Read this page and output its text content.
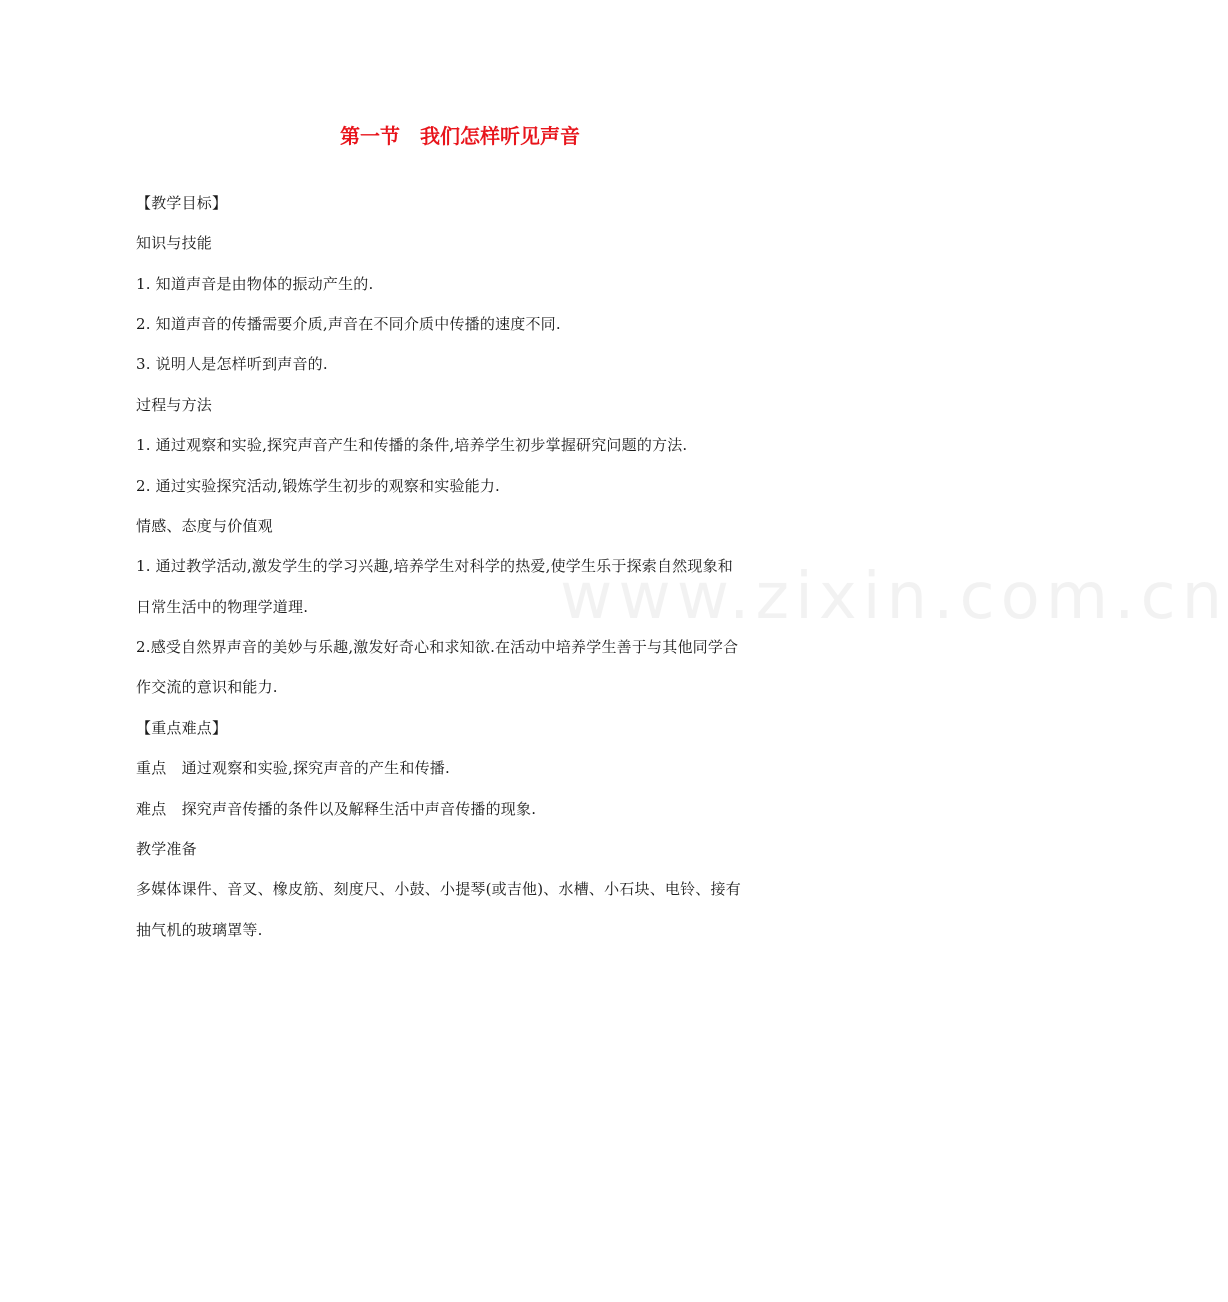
www.zixin.com.cn
第一节　我们怎样听见声音
【教学目标】
知识与技能
1. 知道声音是由物体的振动产生的.
2. 知道声音的传播需要介质,声音在不同介质中传播的速度不同.
3. 说明人是怎样听到声音的.
过程与方法
1. 通过观察和实验,探究声音产生和传播的条件,培养学生初步掌握研究问题的方法.
2. 通过实验探究活动,锻炼学生初步的观察和实验能力.
情感、态度与价值观
1. 通过教学活动,激发学生的学习兴趣,培养学生对科学的热爱,使学生乐于探索自然现象和
日常生活中的物理学道理.
2.感受自然界声音的美妙与乐趣,激发好奇心和求知欲.在活动中培养学生善于与其他同学合
作交流的意识和能力.
【重点难点】
重点　通过观察和实验,探究声音的产生和传播.
难点　探究声音传播的条件以及解释生活中声音传播的现象.
教学准备
多媒体课件、音叉、橡皮筋、刻度尺、小鼓、小提琴(或吉他)、水槽、小石块、电铃、接有
抽气机的玻璃罩等.
